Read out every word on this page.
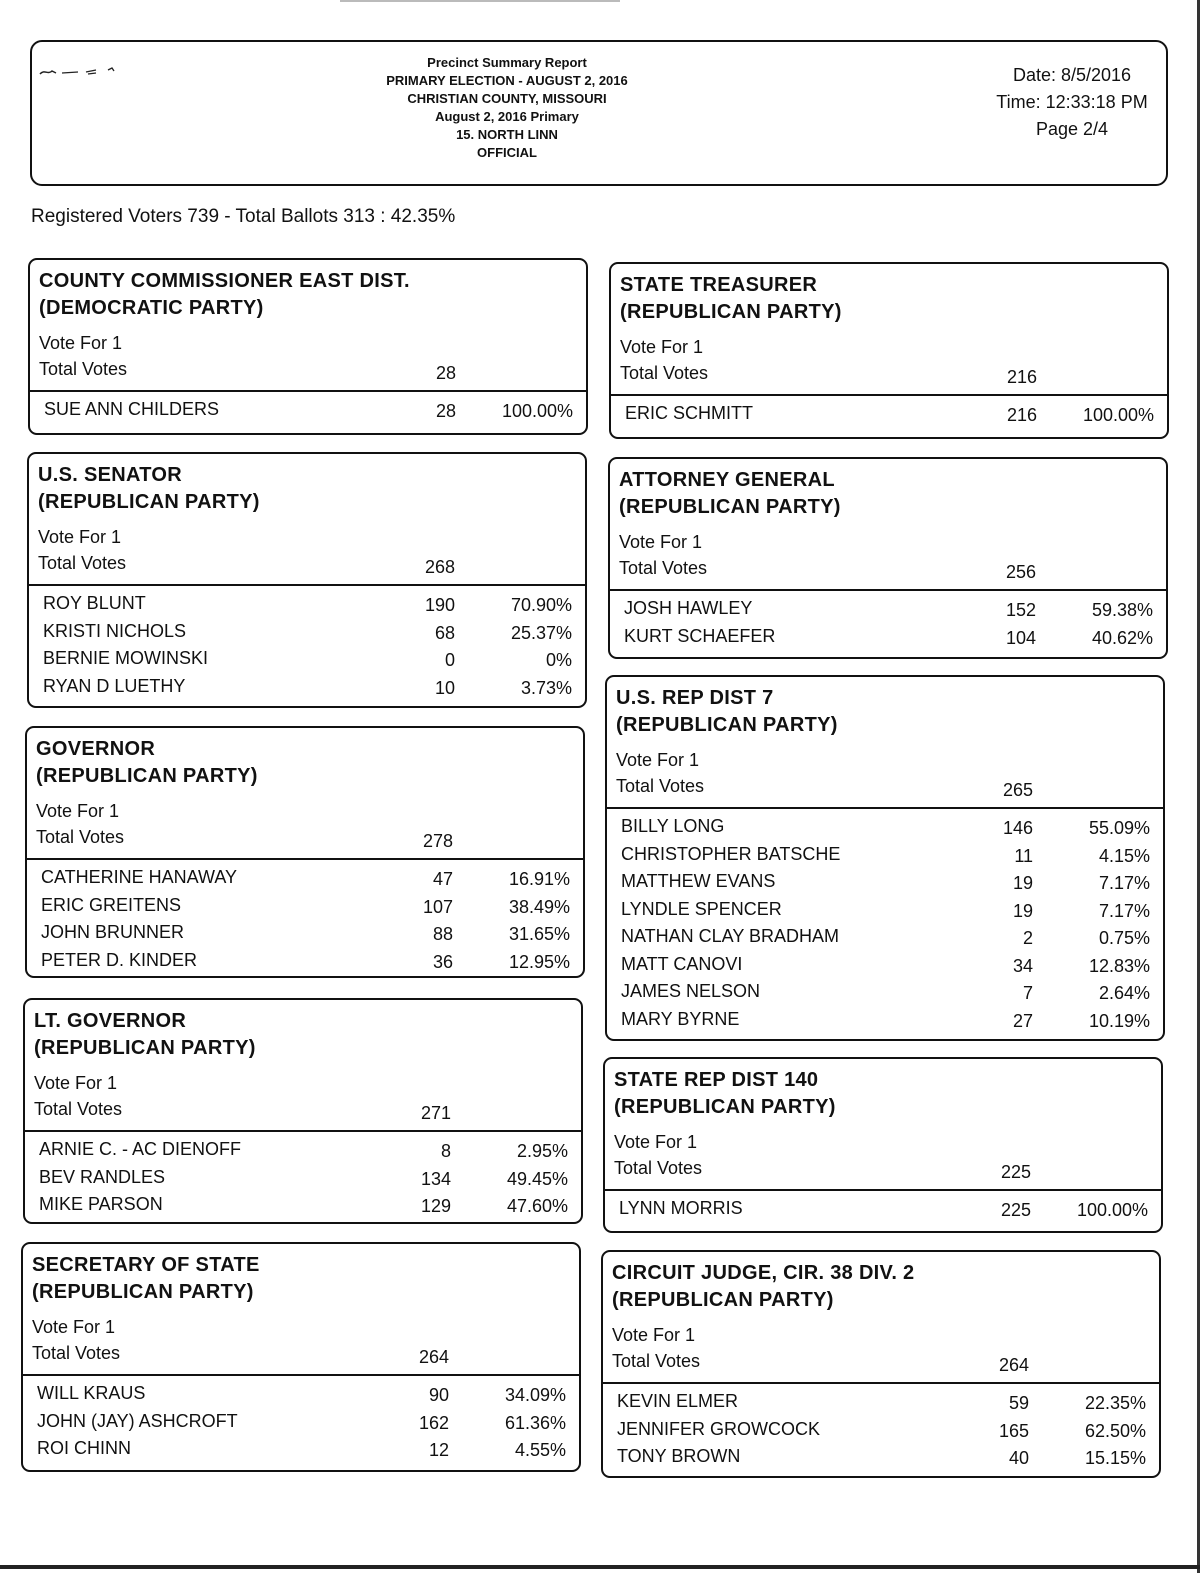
Precinct Summary Report
PRIMARY ELECTION - AUGUST 2, 2016
CHRISTIAN COUNTY, MISSOURI
August 2, 2016 Primary
15. NORTH LINN
OFFICIAL
Date: 8/5/2016
Time: 12:33:18 PM
Page 2/4
Registered Voters 739 - Total Ballots 313 : 42.35%
COUNTY COMMISSIONER EAST DIST.
(DEMOCRATIC PARTY)
Vote For 1
Total Votes	28
SUE ANN CHILDERS	28	100.00%
U.S. SENATOR
(REPUBLICAN PARTY)
Vote For 1
Total Votes	268
ROY BLUNT	190	70.90%
KRISTI NICHOLS	68	25.37%
BERNIE MOWINSKI	0	0%
RYAN D LUETHY	10	3.73%
GOVERNOR
(REPUBLICAN PARTY)
Vote For 1
Total Votes	278
CATHERINE HANAWAY	47	16.91%
ERIC GREITENS	107	38.49%
JOHN BRUNNER	88	31.65%
PETER D. KINDER	36	12.95%
LT. GOVERNOR
(REPUBLICAN PARTY)
Vote For 1
Total Votes	271
ARNIE C. - AC DIENOFF	8	2.95%
BEV RANDLES	134	49.45%
MIKE PARSON	129	47.60%
SECRETARY OF STATE
(REPUBLICAN PARTY)
Vote For 1
Total Votes	264
WILL KRAUS	90	34.09%
JOHN (JAY) ASHCROFT	162	61.36%
ROI CHINN	12	4.55%
STATE TREASURER
(REPUBLICAN PARTY)
Vote For 1
Total Votes	216
ERIC SCHMITT	216	100.00%
ATTORNEY GENERAL
(REPUBLICAN PARTY)
Vote For 1
Total Votes	256
JOSH HAWLEY	152	59.38%
KURT SCHAEFER	104	40.62%
U.S. REP DIST 7
(REPUBLICAN PARTY)
Vote For 1
Total Votes	265
BILLY LONG	146	55.09%
CHRISTOPHER BATSCHE	11	4.15%
MATTHEW EVANS	19	7.17%
LYNDLE SPENCER	19	7.17%
NATHAN CLAY BRADHAM	2	0.75%
MATT CANOVI	34	12.83%
JAMES NELSON	7	2.64%
MARY BYRNE	27	10.19%
STATE REP DIST 140
(REPUBLICAN PARTY)
Vote For 1
Total Votes	225
LYNN MORRIS	225	100.00%
CIRCUIT JUDGE, CIR. 38 DIV. 2
(REPUBLICAN PARTY)
Vote For 1
Total Votes	264
KEVIN ELMER	59	22.35%
JENNIFER GROWCOCK	165	62.50%
TONY BROWN	40	15.15%
